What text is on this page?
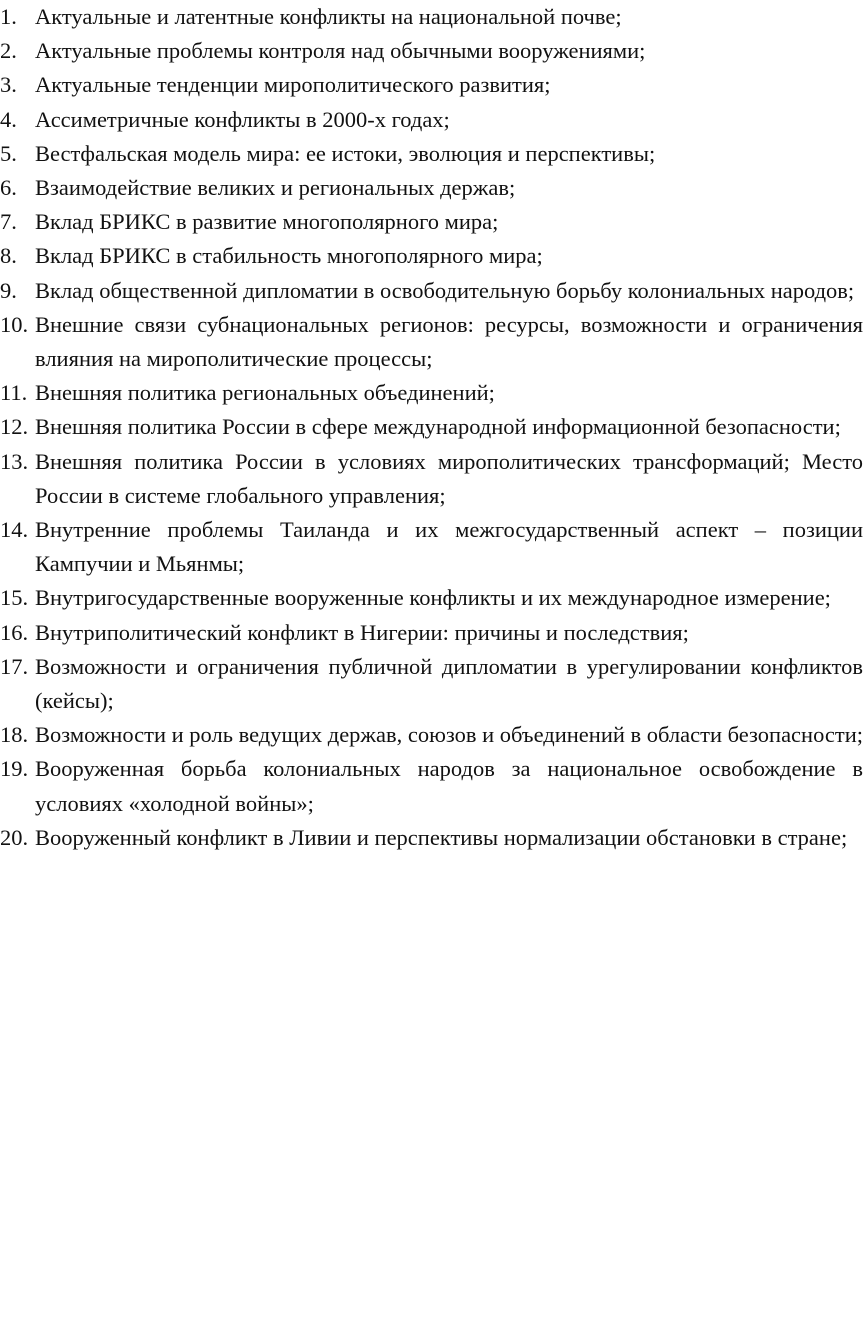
1. Актуальные и латентные конфликты на национальной почве;
2. Актуальные проблемы контроля над обычными вооружениями;
3. Актуальные тенденции мирополитического развития;
4. Ассиметричные конфликты в 2000-х годах;
5. Вестфальская модель мира: ее истоки, эволюция и перспективы;
6. Взаимодействие великих и региональных держав;
7. Вклад БРИКС в развитие многополярного мира;
8. Вклад БРИКС в стабильность многополярного мира;
9. Вклад общественной дипломатии в освободительную борьбу колониальных народов;
10. Внешние связи субнациональных регионов: ресурсы, возможности и ограничения влияния на мирополитические процессы;
11. Внешняя политика региональных объединений;
12. Внешняя политика России в сфере международной информационной безопасности;
13. Внешняя политика России в условиях мирополитических трансформаций; Место России в системе глобального управления;
14. Внутренние проблемы Таиланда и их межгосударственный аспект – позиции Кампучии и Мьянмы;
15. Внутригосударственные вооруженные конфликты и их международное измерение;
16. Внутриполитический конфликт в Нигерии: причины и последствия;
17. Возможности и ограничения публичной дипломатии в урегулировании конфликтов (кейсы);
18. Возможности и роль ведущих держав, союзов и объединений в области безопасности;
19. Вооруженная борьба колониальных народов за национальное освобождение в условиях «холодной войны»;
20. Вооруженный конфликт в Ливии и перспективы нормализации обстановки в стране;
